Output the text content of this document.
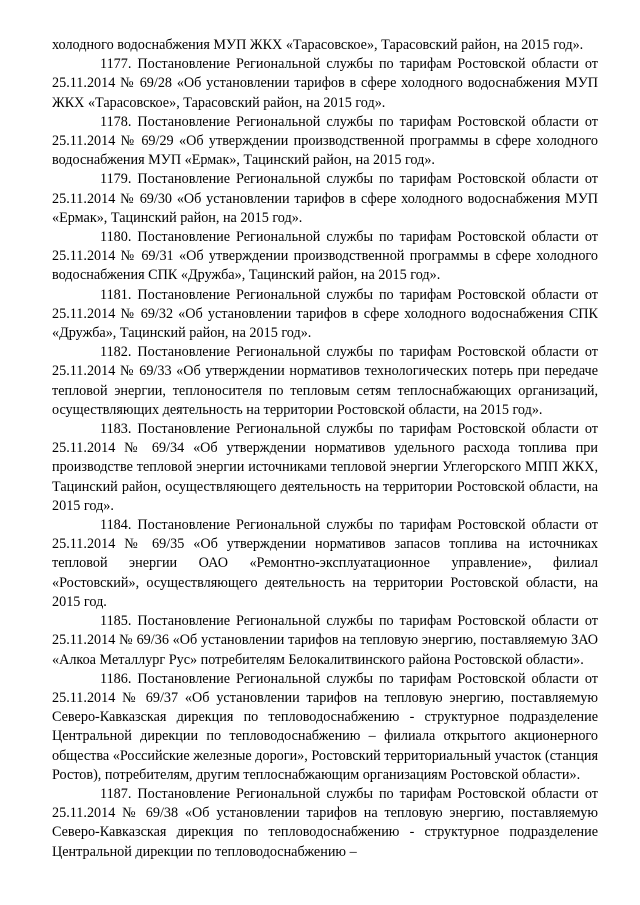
холодного водоснабжения МУП ЖКХ «Тарасовское», Тарасовский район, на 2015 год».

1177. Постановление Региональной службы по тарифам Ростовской области от 25.11.2014 № 69/28 «Об установлении тарифов в сфере холодного водоснабжения МУП ЖКХ «Тарасовское», Тарасовский район, на 2015 год».

1178. Постановление Региональной службы по тарифам Ростовской области от 25.11.2014 № 69/29 «Об утверждении производственной программы в сфере холодного водоснабжения МУП «Ермак», Тацинский район, на 2015 год».

1179. Постановление Региональной службы по тарифам Ростовской области от 25.11.2014 № 69/30 «Об установлении тарифов в сфере холодного водоснабжения МУП «Ермак», Тацинский район, на 2015 год».

1180. Постановление Региональной службы по тарифам Ростовской области от 25.11.2014 № 69/31 «Об утверждении производственной программы в сфере холодного водоснабжения СПК «Дружба», Тацинский район, на 2015 год».

1181. Постановление Региональной службы по тарифам Ростовской области от 25.11.2014 № 69/32 «Об установлении тарифов в сфере холодного водоснабжения СПК «Дружба», Тацинский район, на 2015 год».

1182. Постановление Региональной службы по тарифам Ростовской области от 25.11.2014 № 69/33 «Об утверждении нормативов технологических потерь при передаче тепловой энергии, теплоносителя по тепловым сетям теплоснабжающих организаций, осуществляющих деятельность на территории Ростовской области, на 2015 год».

1183. Постановление Региональной службы по тарифам Ростовской области от 25.11.2014 № 69/34 «Об утверждении нормативов удельного расхода топлива при производстве тепловой энергии источниками тепловой энергии Углегорского МПП ЖКХ, Тацинский район, осуществляющего деятельность на территории Ростовской области, на 2015 год».

1184. Постановление Региональной службы по тарифам Ростовской области от 25.11.2014 № 69/35 «Об утверждении нормативов запасов топлива на источниках тепловой энергии ОАО «Ремонтно-эксплуатационное управление», филиал «Ростовский», осуществляющего деятельность на территории Ростовской области, на 2015 год.

1185. Постановление Региональной службы по тарифам Ростовской области от 25.11.2014 № 69/36 «Об установлении тарифов на тепловую энергию, поставляемую ЗАО «Алкоа Металлург Рус» потребителям Белокалитвинского района Ростовской области».

1186. Постановление Региональной службы по тарифам Ростовской области от 25.11.2014 № 69/37 «Об установлении тарифов на тепловую энергию, поставляемую Северо-Кавказская дирекция по тепловодоснабжению - структурное подразделение Центральной дирекции по тепловодоснабжению – филиала открытого акционерного общества «Российские железные дороги», Ростовский территориальный участок (станция Ростов), потребителям, другим теплоснабжающим организациям Ростовской области».

1187. Постановление Региональной службы по тарифам Ростовской области от 25.11.2014 № 69/38 «Об установлении тарифов на тепловую энергию, поставляемую Северо-Кавказская дирекция по тепловодоснабжению - структурное подразделение Центральной дирекции по тепловодоснабжению –
